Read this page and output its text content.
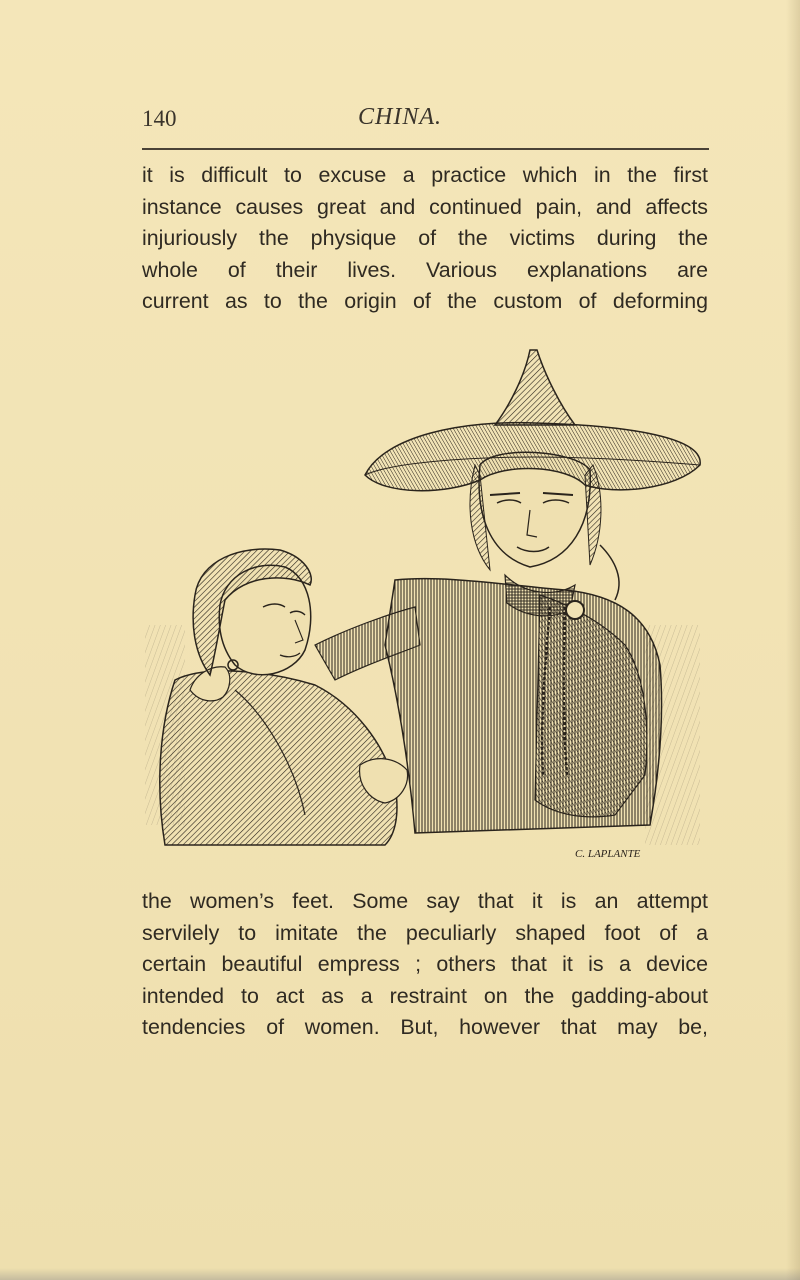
140	CHINA.
it is difficult to excuse a practice which in the first
instance causes great and continued pain, and affects
injuriously the physique of the victims during the
whole of their lives. Various explanations are
current as to the origin of the custom of deforming
C. LAPLANTE
the women’s feet. Some say that it is an attempt
servilely to imitate the peculiarly shaped foot of a
certain beautiful empress ; others that it is a device
intended to act as a restraint on the gadding-about
tendencies of women. But, however that may be,
